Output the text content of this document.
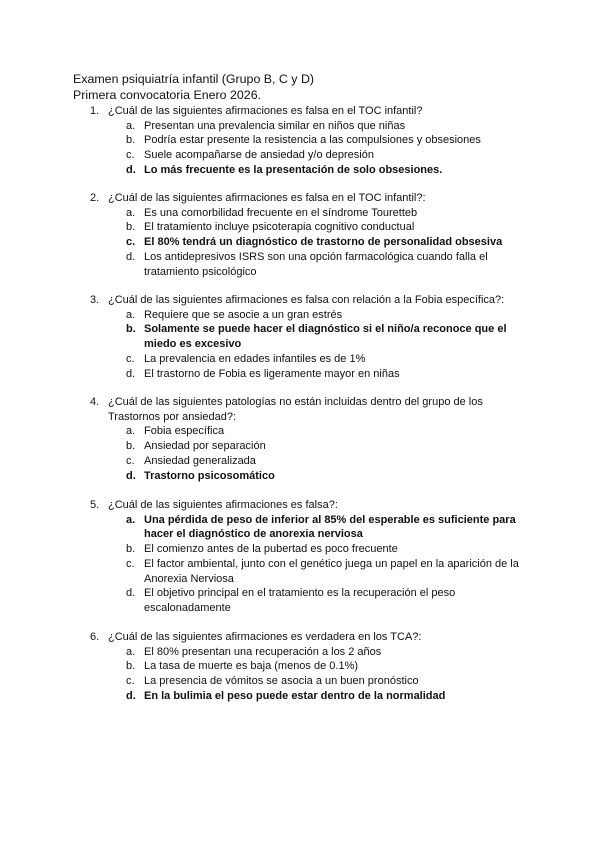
Examen psiquiatría infantil (Grupo B, C y D)
Primera convocatoria Enero 2026.
1. ¿Cuál de las siguientes afirmaciones es falsa en el TOC infantil?
a. Presentan una prevalencia similar en niños que niñas
b. Podría estar presente la resistencia a las compulsiones y obsesiones
c. Suele acompañarse de ansiedad y/o depresión
d. Lo más frecuente es la presentación de solo obsesiones.
2. ¿Cuál de las siguientes afirmaciones es falsa en el TOC infantil?:
a. Es una comorbilidad frecuente en el síndrome Touretteb
b. El tratamiento incluye psicoterapia cognitivo conductual
c. El 80% tendrá un diagnóstico de trastorno de personalidad obsesiva
d. Los antidepresivos ISRS son una opción farmacológica cuando falla el tratamiento psicológico
3. ¿Cuál de las siguientes afirmaciones es falsa con relación a la Fobia específica?:
a. Requiere que se asocie a un gran estrés
b. Solamente se puede hacer el diagnóstico si el niño/a reconoce que el miedo es excesivo
c. La prevalencia en edades infantiles es de 1%
d. El trastorno de Fobia es ligeramente mayor en niñas
4. ¿Cuál de las siguientes patologías no están incluidas dentro del grupo de los Trastornos por ansiedad?:
a. Fobia específica
b. Ansiedad por separación
c. Ansiedad generalizada
d. Trastorno psicosomático
5. ¿Cuál de las siguientes afirmaciones es falsa?:
a. Una pérdida de peso de inferior al 85% del esperable es suficiente para hacer el diagnóstico de anorexia nerviosa
b. El comienzo antes de la pubertad es poco frecuente
c. El factor ambiental, junto con el genético juega un papel en la aparición de la Anorexia Nerviosa
d. El objetivo principal en el tratamiento es la recuperación el peso escalonadamente
6. ¿Cuál de las siguientes afirmaciones es verdadera en los TCA?:
a. El 80% presentan una recuperación a los 2 años
b. La tasa de muerte es baja (menos de 0.1%)
c. La presencia de vómitos se asocia a un buen pronóstico
d. En la bulimia el peso puede estar dentro de la normalidad
